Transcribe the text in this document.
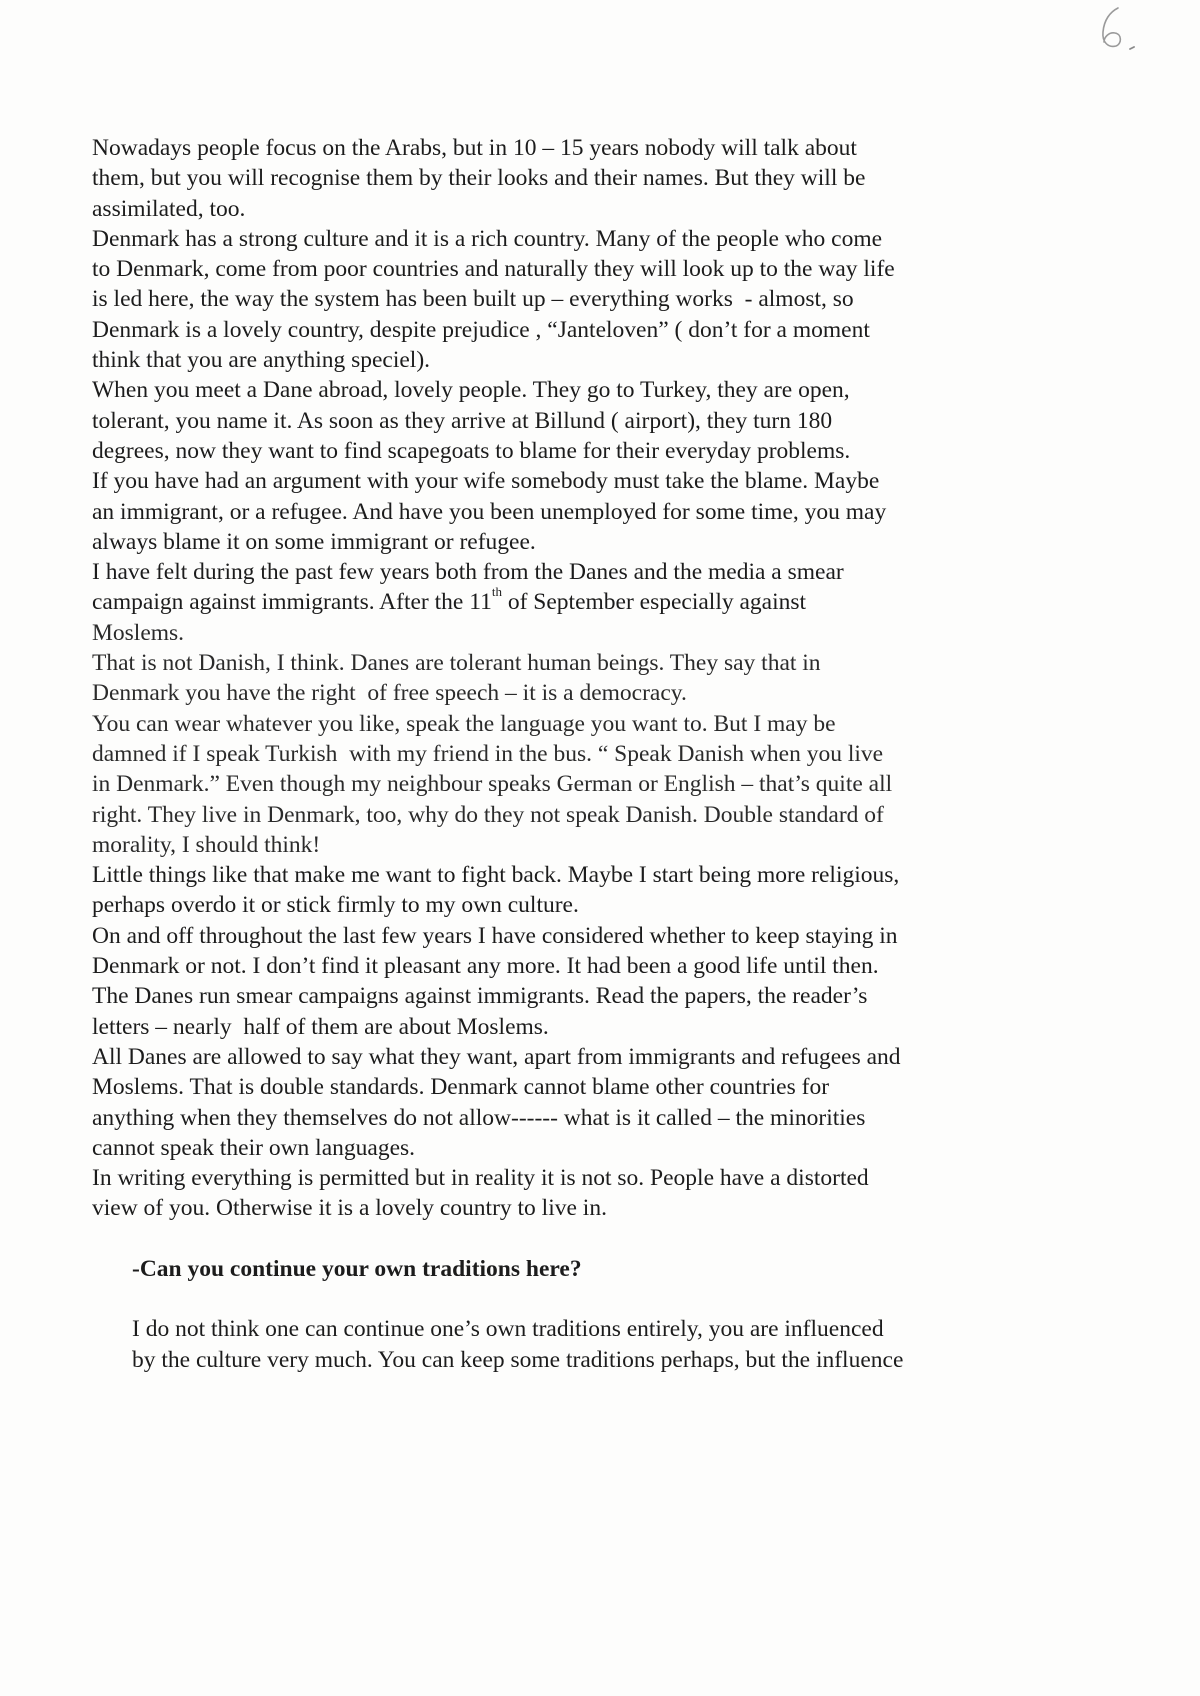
Nowadays people focus on the Arabs, but in 10 – 15 years nobody will talk about
them, but you will recognise them by their looks and their names. But they will be
assimilated, too.
Denmark has a strong culture and it is a rich country. Many of the people who come
to Denmark, come from poor countries and naturally they will look up to the way life
is led here, the way the system has been built up – everything works  - almost, so
Denmark is a lovely country, despite prejudice , “Janteloven” ( don’t for a moment
think that you are anything speciel).
When you meet a Dane abroad, lovely people. They go to Turkey, they are open,
tolerant, you name it. As soon as they arrive at Billund ( airport), they turn 180
degrees, now they want to find scapegoats to blame for their everyday problems.
If you have had an argument with your wife somebody must take the blame. Maybe
an immigrant, or a refugee. And have you been unemployed for some time, you may
always blame it on some immigrant or refugee.
I have felt during the past few years both from the Danes and the media a smear
campaign against immigrants. After the 11th of September especially against
Moslems.
That is not Danish, I think. Danes are tolerant human beings. They say that in
Denmark you have the right  of free speech – it is a democracy.
You can wear whatever you like, speak the language you want to. But I may be
damned if I speak Turkish  with my friend in the bus. “ Speak Danish when you live
in Denmark.” Even though my neighbour speaks German or English – that’s quite all
right. They live in Denmark, too, why do they not speak Danish. Double standard of
morality, I should think!
Little things like that make me want to fight back. Maybe I start being more religious,
perhaps overdo it or stick firmly to my own culture.
On and off throughout the last few years I have considered whether to keep staying in
Denmark or not. I don’t find it pleasant any more. It had been a good life until then.
The Danes run smear campaigns against immigrants. Read the papers, the reader’s
letters – nearly  half of them are about Moslems.
All Danes are allowed to say what they want, apart from immigrants and refugees and
Moslems. That is double standards. Denmark cannot blame other countries for
anything when they themselves do not allow------ what is it called – the minorities
cannot speak their own languages.
In writing everything is permitted but in reality it is not so. People have a distorted
view of you. Otherwise it is a lovely country to live in.
-Can you continue your own traditions here?
I do not think one can continue one’s own traditions entirely, you are influenced
by the culture very much. You can keep some traditions perhaps, but the influence
